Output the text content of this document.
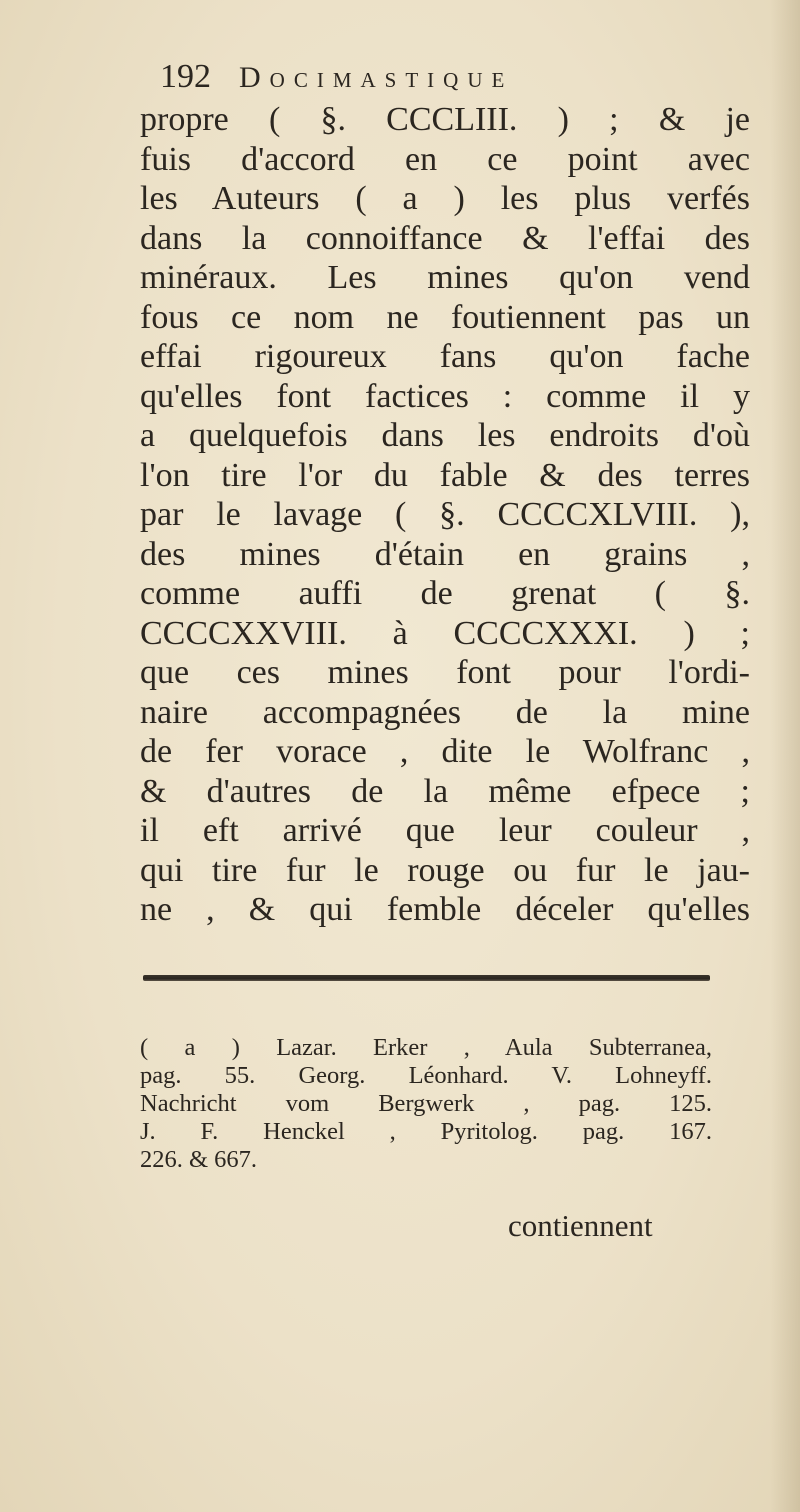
192 Docimastique
propre ( §. CCCLIII. ) ; & je
fuis d'accord en ce point avec
les Auteurs ( a ) les plus verfés
dans la connoiffance & l'effai des
minéraux. Les mines qu'on vend
fous ce nom ne foutiennent pas un
effai rigoureux fans qu'on fache
qu'elles font factices : comme il y
a quelquefois dans les endroits d'où
l'on tire l'or du fable & des terres
par le lavage ( §. CCCCXLVIII. ),
des mines d'étain en grains ,
comme auffi de grenat ( §.
CCCCXXVIII. à CCCCXXXI. ) ;
que ces mines font pour l'ordi-
naire accompagnées de la mine
de fer vorace , dite le Wolfranc ,
& d'autres de la même efpece ;
il eft arrivé que leur couleur ,
qui tire fur le rouge ou fur le jau-
ne , & qui femble déceler qu'elles
( a ) Lazar. Erker , Aula Subterranea,
pag. 55. Georg. Léonhard. V. Lohneyff.
Nachricht vom Bergwerk , pag. 125.
J. F. Henckel , Pyritolog. pag. 167.
226. & 667.
contiennent
